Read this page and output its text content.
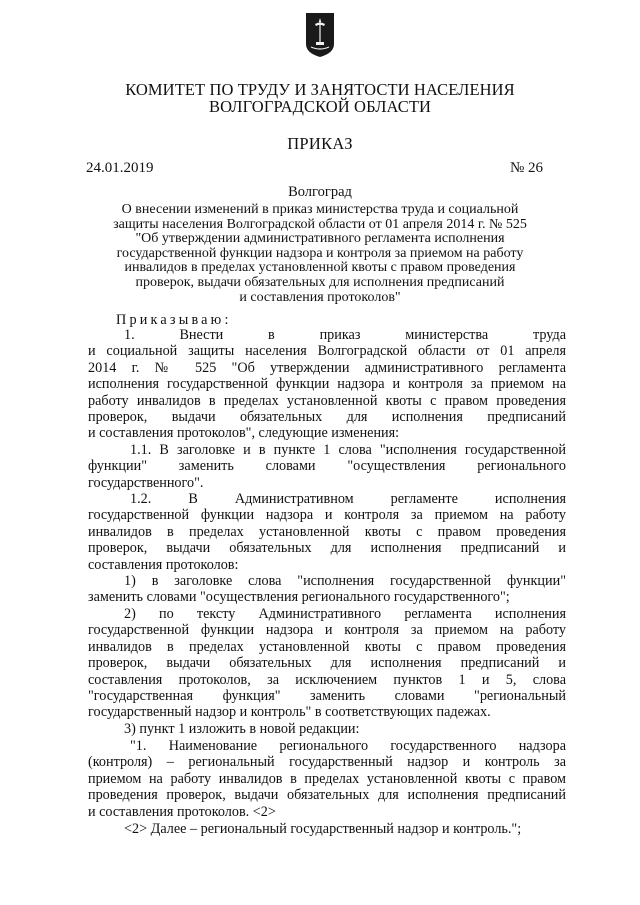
КОМИТЕТ ПО ТРУДУ И ЗАНЯТОСТИ НАСЕЛЕНИЯ
ВОЛГОГРАДСКОЙ ОБЛАСТИ
ПРИКАЗ
24.01.2019	№ 26
Волгоград
О внесении изменений в приказ министерства труда и социальной
защиты населения Волгоградской области от 01 апреля 2014 г. № 525
"Об утверждении административного регламента исполнения
государственной функции надзора и контроля за приемом на работу
инвалидов в пределах установленной квоты с правом проведения
проверок, выдачи обязательных для исполнения предписаний
и составления протоколов"
Приказываю:
1. Внести в приказ министерства труда
и социальной защиты населения Волгоградской области от 01 апреля
2014 г. № 525 "Об утверждении административного регламента
исполнения государственной функции надзора и контроля за приемом на
работу инвалидов в пределах установленной квоты с правом проведения
проверок, выдачи обязательных для исполнения предписаний
и составления протоколов", следующие изменения:
1.1. В заголовке и в пункте 1 слова "исполнения государственной
функции" заменить словами "осуществления регионального
государственного".
1.2. В Административном регламенте исполнения
государственной функции надзора и контроля за приемом на работу
инвалидов в пределах установленной квоты с правом проведения
проверок, выдачи обязательных для исполнения предписаний и
составления протоколов:
1) в заголовке слова "исполнения государственной функции"
заменить словами "осуществления регионального государственного";
2) по тексту Административного регламента исполнения
государственной функции надзора и контроля за приемом на работу
инвалидов в пределах установленной квоты с правом проведения
проверок, выдачи обязательных для исполнения предписаний и
составления протоколов, за исключением пунктов 1 и 5, слова
"государственная функция" заменить словами "региональный
государственный надзор и контроль" в соответствующих падежах.
3) пункт 1 изложить в новой редакции:
"1. Наименование регионального государственного надзора
(контроля) – региональный государственный надзор и контроль за
приемом на работу инвалидов в пределах установленной квоты с правом
проведения проверок, выдачи обязательных для исполнения предписаний
и составления протоколов. <2>
<2> Далее – региональный государственный надзор и контроль.";
